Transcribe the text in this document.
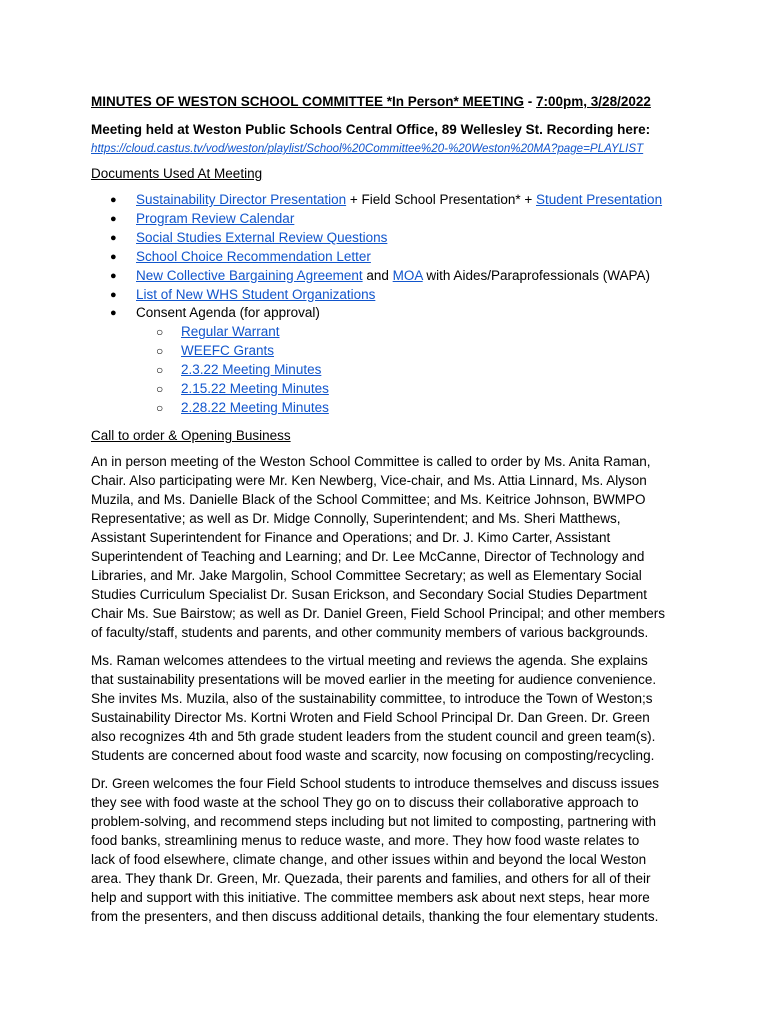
MINUTES OF WESTON SCHOOL COMMITTEE *In Person* MEETING - 7:00pm, 3/28/2022
Meeting held at Weston Public Schools Central Office, 89 Wellesley St. Recording here:
https://cloud.castus.tv/vod/weston/playlist/School%20Committee%20-%20Weston%20MA?page=PLAYLIST
Documents Used At Meeting
● Sustainability Director Presentation + Field School Presentation* + Student Presentation
● Program Review Calendar
● Social Studies External Review Questions
● School Choice Recommendation Letter
● New Collective Bargaining Agreement and MOA with Aides/Paraprofessionals (WAPA)
● List of New WHS Student Organizations
● Consent Agenda (for approval)
○ Regular Warrant
○ WEEFC Grants
○ 2.3.22 Meeting Minutes
○ 2.15.22 Meeting Minutes
○ 2.28.22 Meeting Minutes
Call to order & Opening Business

An in person meeting of the Weston School Committee is called to order by Ms. Anita Raman,
Chair. Also participating were Mr. Ken Newberg, Vice-chair, and Ms. Attia Linnard, Ms. Alyson
Muzila, and Ms. Danielle Black of the School Committee; and Ms. Keitrice Johnson, BWMPO
Representative; as well as Dr. Midge Connolly, Superintendent; and Ms. Sheri Matthews,
Assistant Superintendent for Finance and Operations; and Dr. J. Kimo Carter, Assistant
Superintendent of Teaching and Learning; and Dr. Lee McCanne, Director of Technology and
Libraries, and Mr. Jake Margolin, School Committee Secretary; as well as Elementary Social
Studies Curriculum Specialist Dr. Susan Erickson, and Secondary Social Studies Department
Chair Ms. Sue Bairstow; as well as Dr. Daniel Green, Field School Principal; and other members
of faculty/staff, students and parents, and other community members of various backgrounds.

Ms. Raman welcomes attendees to the virtual meeting and reviews the agenda. She explains
that sustainability presentations will be moved earlier in the meeting for audience convenience.
She invites Ms. Muzila, also of the sustainability committee, to introduce the Town of Weston;s
Sustainability Director Ms. Kortni Wroten and Field School Principal Dr. Dan Green. Dr. Green
also recognizes 4th and 5th grade student leaders from the student council and green team(s).
Students are concerned about food waste and scarcity, now focusing on composting/recycling.

Dr. Green welcomes the four Field School students to introduce themselves and discuss issues
they see with food waste at the school They go on to discuss their collaborative approach to
problem-solving, and recommend steps including but not limited to composting, partnering with
food banks, streamlining menus to reduce waste, and more. They how food waste relates to
lack of food elsewhere, climate change, and other issues within and beyond the local Weston
area. They thank Dr. Green, Mr. Quezada, their parents and families, and others for all of their
help and support with this initiative. The committee members ask about next steps, hear more
from the presenters, and then discuss additional details, thanking the four elementary students.
